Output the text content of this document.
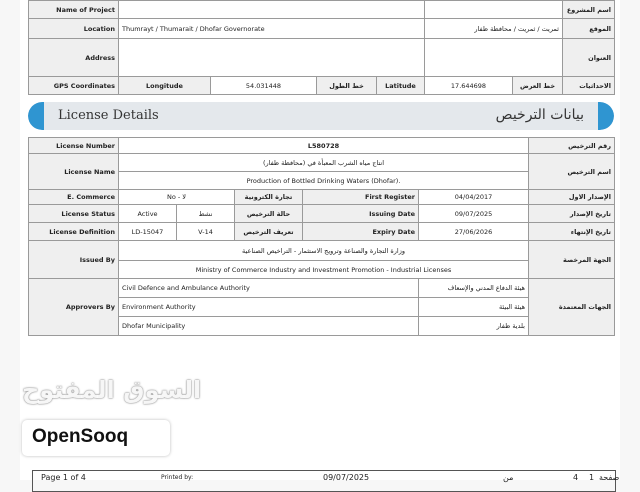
Name of Project							اسم المشروع
Location	Thumrayt / Thumarait / Dhofar Governorate				ثمريت / ثمريت / محافظة ظفار		الموقع
Address							العنوان
GPS Coordinates	Longitude	54.031448	خط الطول	Latitude	17.644698	خط العرض	الاحداثيات
License Details	بيانات الترخيص
License Number	L580728					رقم الترخيص
License Name	انتاج مياه الشرب المعبأة في (محافظة ظفار)					اسم الترخيص
	Production of Bottled Drinking Waters (Dhofar).					
E. Commerce	No - لا		تجارة الكترونية	First Register	04/04/2017	الإصدار الاول
License Status	Active	نشط	حالة الترخيص	Issuing Date	09/07/2025	تاريخ الإصدار
License Definition	LD-15047	V-14	تعريف الترخيص	Expiry Date	27/06/2026	تاريخ الإنتهاء
Issued By	وزارة التجارة والصناعة وترويج الاستثمار - التراخيص الصناعية					الجهة المرخصة
	Ministry of Commerce Industry and Investment Promotion - Industrial Licenses					
Approvers By	Civil Defence and Ambulance Authority				هيئة الدفاع المدني والإسعاف	الجهات المعتمدة
	Environment Authority				هيئة البيئة	
	Dhofar Municipality				بلدية ظفار	
Page 1 of 4	Printed by:	09/07/2025	من	4 1 صفحة
السوق المفتوح
OpenSooq
